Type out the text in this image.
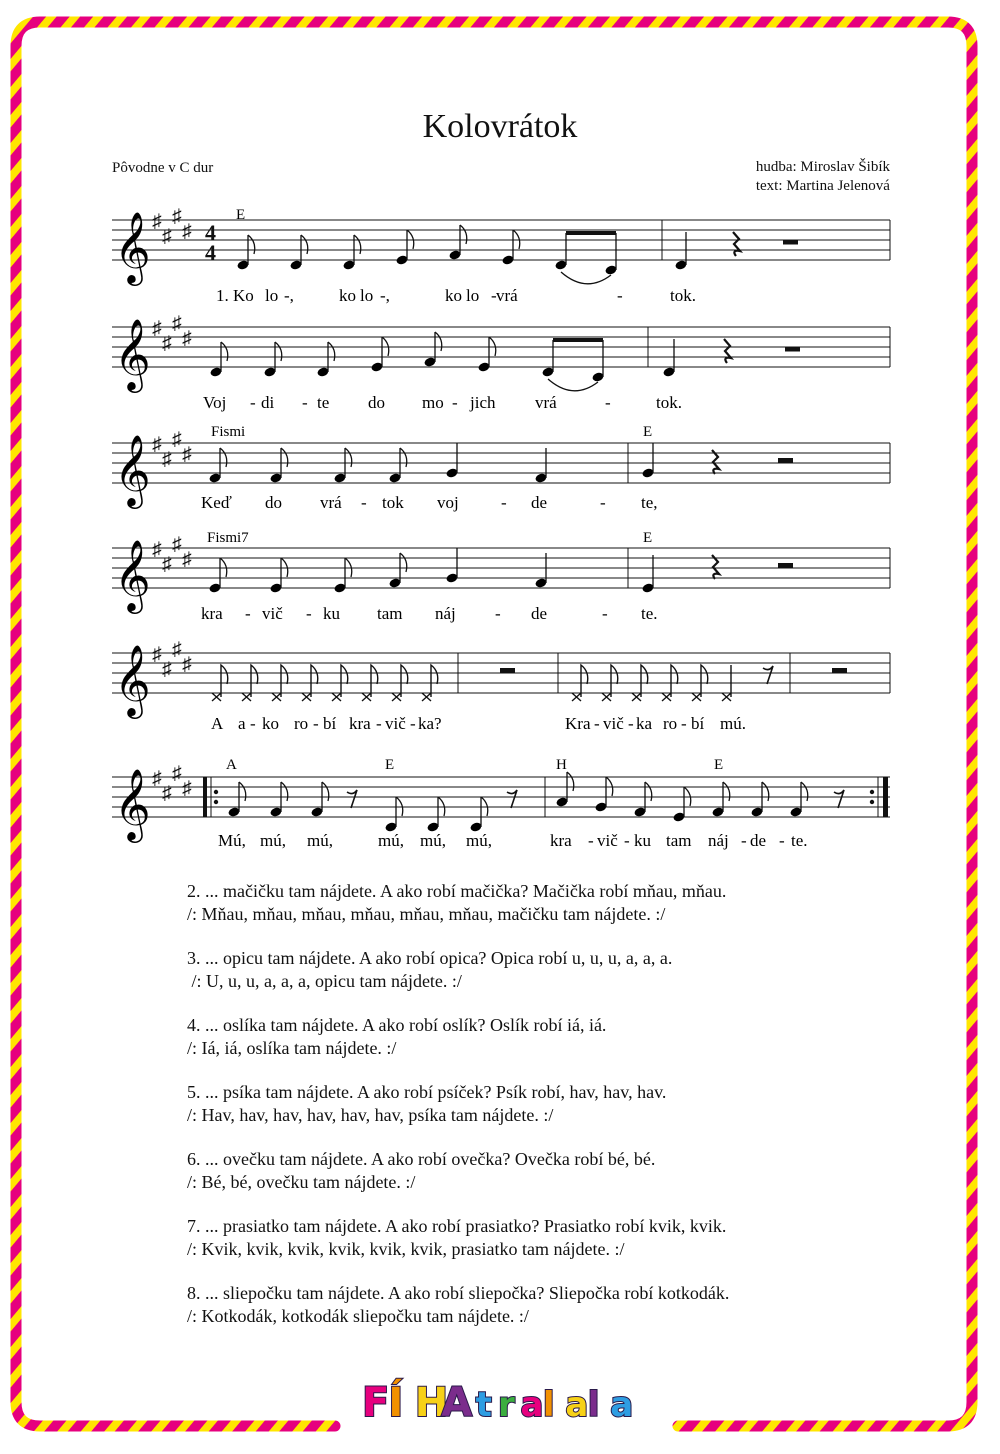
Kolovrátok
Pôvodne v C dur	hudba: Miroslav Šibík
text: Martina Jelenová
𝄞 ♯
♯
♯
♯ 4
4
𝄞 ♯
♯
♯
♯
𝄞 ♯
♯
♯
♯
𝄞 ♯
♯
♯
♯
𝄞 ♯
♯
♯
♯
𝄞 ♯
♯
♯
♯
E
Fismi	E
Fismi7	E
A	E	H	E
1. Ko lo -,	ko lo -,	ko lo - vrá	-	tok.
Voj - di - te do mo - jich vrá	-	tok.
Keď do vrá - tok voj - de	- te,
kra - vič - ku tam náj - de	- te.
A a - ko ro - bí kra - vič - ka?	Kra - vič - ka ro - bí mú.
Mú, mú, mú,	mú, mú, mú,	kra - vič - ku tam náj - de - te.
2. ... mačičku tam nájdete. A ako robí mačička? Mačička robí mňau, mňau.
/: Mňau, mňau, mňau, mňau, mňau, mňau, mačičku tam nájdete. :/
3. ... opicu tam nájdete. A ako robí opica? Opica robí u, u, u, a, a, a.
/: U, u, u, a, a, a, opicu tam nájdete. :/
4. ... oslíka tam nájdete. A ako robí oslík? Oslík robí iá, iá.
/: Iá, iá, oslíka tam nájdete. :/
5. ... psíka tam nájdete. A ako robí psíček? Psík robí, hav, hav, hav.
/: Hav, hav, hav, hav, hav, hav, psíka tam nájdete. :/
6. ... ovečku tam nájdete. A ako robí ovečka? Ovečka robí bé, bé.
/: Bé, bé, ovečku tam nájdete. :/
7. ... prasiatko tam nájdete. A ako robí prasiatko? Prasiatko robí kvik, kvik.
/: Kvik, kvik, kvik, kvik, kvik, kvik, prasiatko tam nájdete. :/
8. ... sliepočku tam nájdete. A ako robí sliepočka? Sliepočka robí kotkodák.
/: Kotkodák, kotkodák sliepočku tam nájdete. :/
F Í H
A t r a l a l a
